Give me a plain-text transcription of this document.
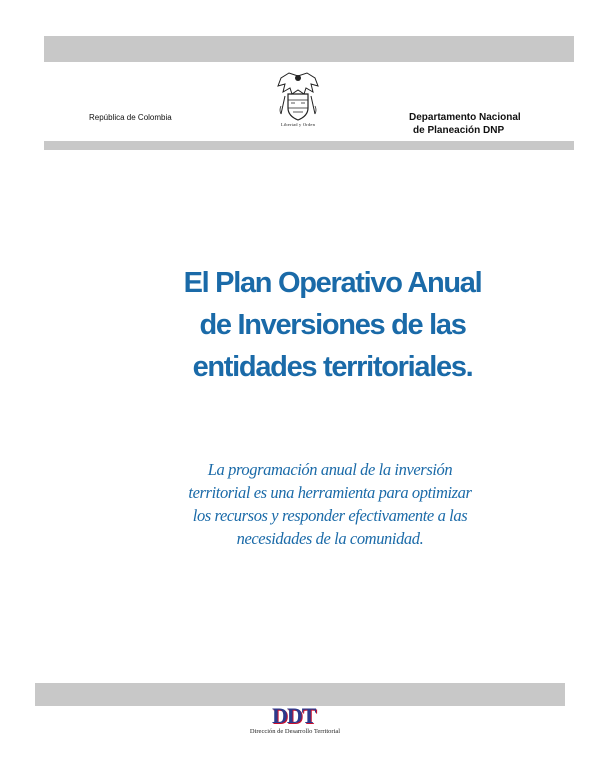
República de Colombia
Libertad y Orden
Departamento Nacional
de Planeación DNP
El Plan Operativo Anual
de Inversiones de las
entidades territoriales.
La programación anual de la inversión
territorial es una herramienta para optimizar
los recursos y responder efectivamente a las
necesidades de la comunidad.
DDT
Dirección de Desarrollo Territorial
